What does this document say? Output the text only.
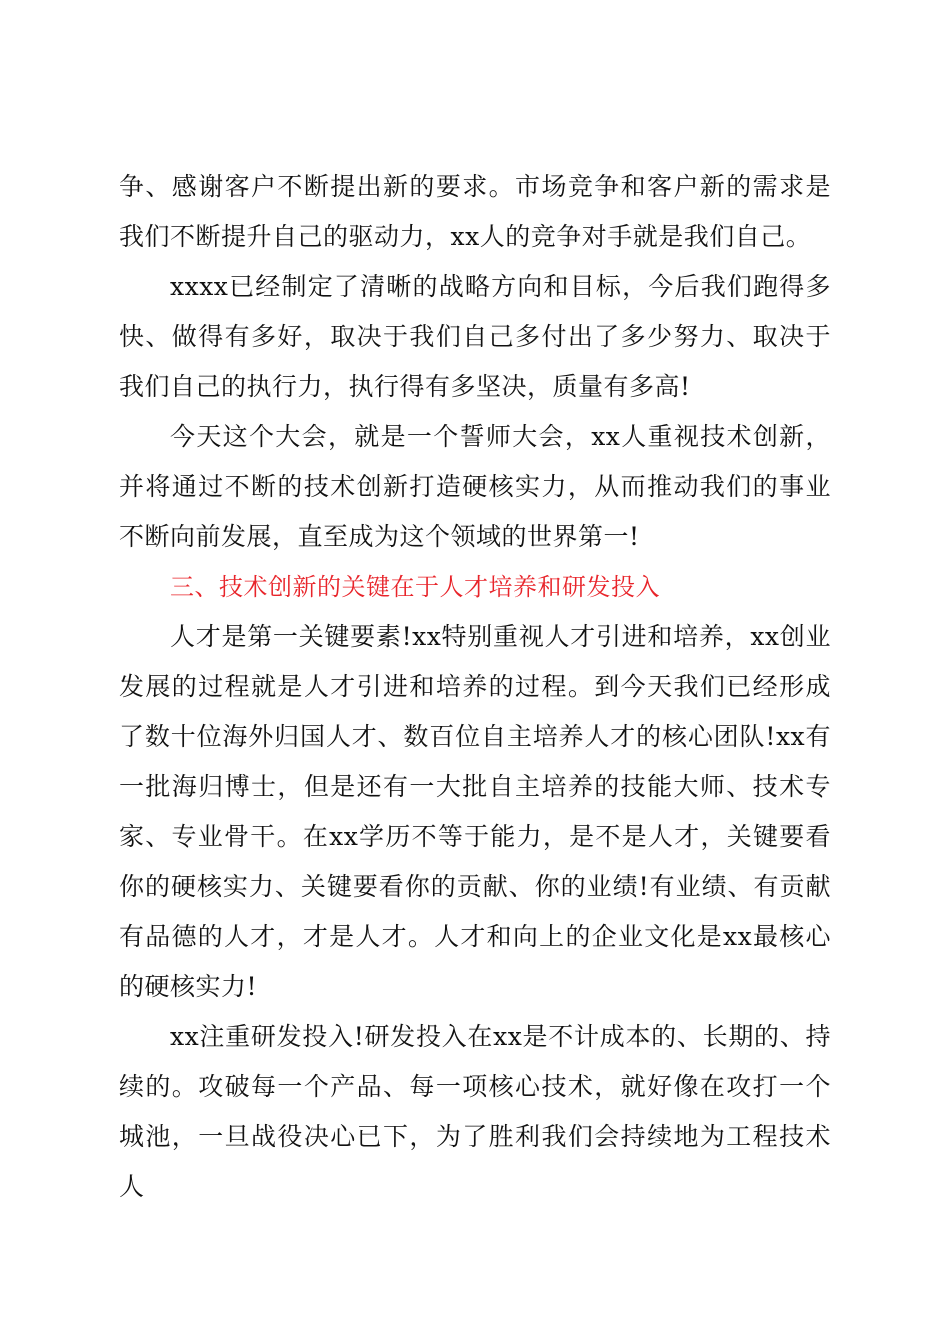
争、感谢客户不断提出新的要求。市场竞争和客户新的需求是我们不断提升自己的驱动力，xx人的竞争对手就是我们自己。

xxxx已经制定了清晰的战略方向和目标，今后我们跑得多快、做得有多好，取决于我们自己多付出了多少努力、取决于我们自己的执行力，执行得有多坚决，质量有多高!

今天这个大会，就是一个誓师大会，xx人重视技术创新，并将通过不断的技术创新打造硬核实力，从而推动我们的事业不断向前发展，直至成为这个领域的世界第一!

三、技术创新的关键在于人才培养和研发投入

人才是第一关键要素!xx特别重视人才引进和培养，xx创业发展的过程就是人才引进和培养的过程。到今天我们已经形成了数十位海外归国人才、数百位自主培养人才的核心团队!xx有一批海归博士，但是还有一大批自主培养的技能大师、技术专家、专业骨干。在xx学历不等于能力，是不是人才，关键要看你的硬核实力、关键要看你的贡献、你的业绩!有业绩、有贡献有品德的人才，才是人才。人才和向上的企业文化是xx最核心的硬核实力!

xx注重研发投入!研发投入在xx是不计成本的、长期的、持续的。攻破每一个产品、每一项核心技术，就好像在攻打一个城池，一旦战役决心已下，为了胜利我们会持续地为工程技术人
